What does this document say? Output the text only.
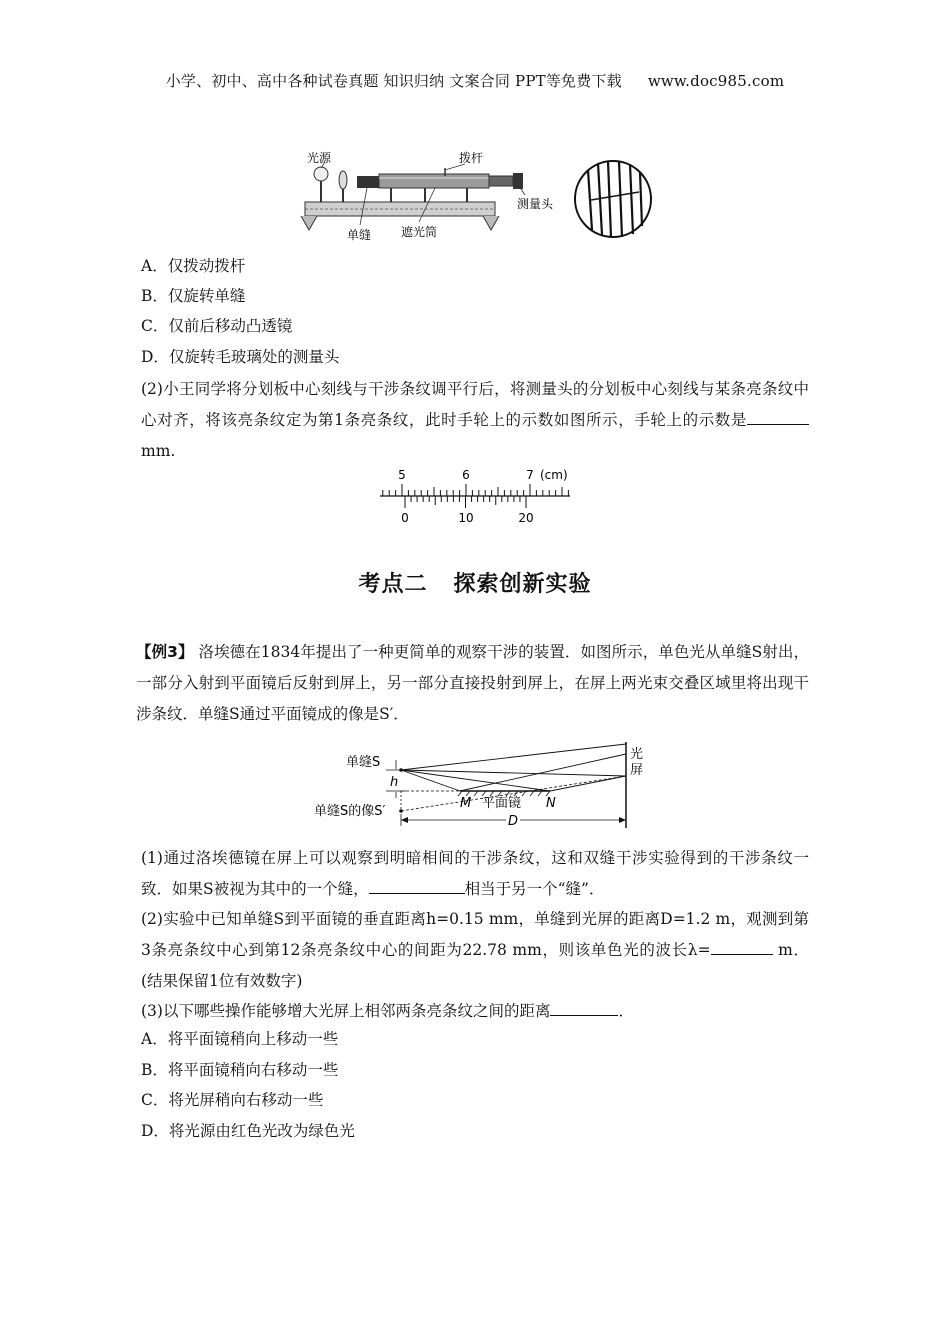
小学、初中、高中各种试卷真题 知识归纳 文案合同 PPT等免费下载 www.doc985.com
光源	拨杆
测量头
单缝 遮光筒
A．仅拨动拨杆
B．仅旋转单缝
C．仅前后移动凸透镜
D．仅旋转毛玻璃处的测量头
(2)小王同学将分划板中心刻线与干涉条纹调平行后，将测量头的分划板中心刻线与某条亮条纹中心对齐，将该亮条纹定为第1条亮条纹，此时手轮上的示数如图所示，手轮上的示数是 mm.
5	6	7 (cm)
0	10	20
考点二 探索创新实验
【例3】 洛埃德在1834年提出了一种更简单的观察干涉的装置．如图所示，单色光从单缝S射出，一部分入射到平面镜后反射到屏上，另一部分直接投射到屏上，在屏上两光束交叠区域里将出现干涉条纹．单缝S通过平面镜成的像是S′．
单缝S
h
单缝S的像S′
光
屏
M 平面镜 N
D
(1)通过洛埃德镜在屏上可以观察到明暗相间的干涉条纹，这和双缝干涉实验得到的干涉条纹一致．如果S被视为其中的一个缝，	相当于另一个“缝”．
(2)实验中已知单缝S到平面镜的垂直距离h=0.15 mm，单缝到光屏的距离D=1.2 m，观测到第3条亮条纹中心到第12条亮条纹中心的间距为22.78 mm，则该单色光的波长λ=	m．(结果保留1位有效数字)
(3)以下哪些操作能够增大光屏上相邻两条亮条纹之间的距离	．
A．将平面镜稍向上移动一些
B．将平面镜稍向右移动一些
C．将光屏稍向右移动一些
D．将光源由红色光改为绿色光
